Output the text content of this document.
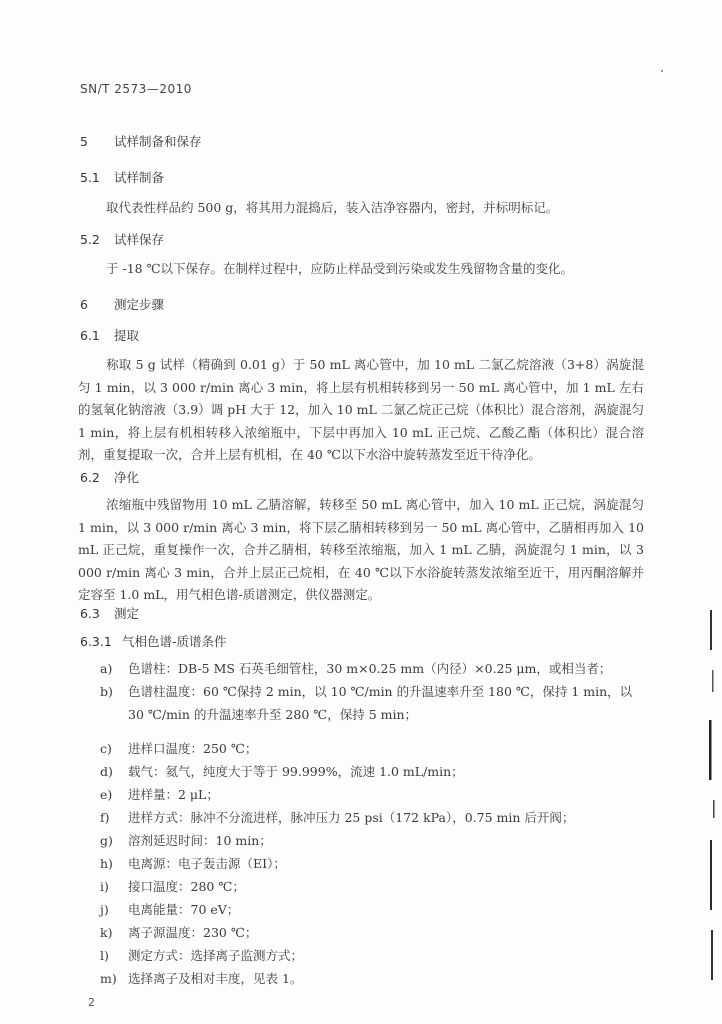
SN/T 2573—2010
5 试样制备和保存
5.1 试样制备
取代表性样品约 500 g，将其用力混捣后，装入洁净容器内，密封，并标明标记。
5.2 试样保存
于 -18 ℃以下保存。在制样过程中，应防止样品受到污染或发生残留物含量的变化。
6 测定步骤
6.1 提取
称取 5 g 试样（精确到 0.01 g）于 50 mL 离心管中，加 10 mL 二氯乙烷溶液（3+8）涡旋混匀 1 min，以 3 000 r/min 离心 3 min，将上层有机相转移到另一 50 mL 离心管中，加 1 mL 左右的氢氧化钠溶液（3.9）调 pH 大于 12，加入 10 mL 二氯乙烷正己烷（体积比）混合溶剂，涡旋混匀 1 min，将上层有机相转移入浓缩瓶中，下层中再加入 10 mL 正己烷、乙酸乙酯（体积比）混合溶剂，重复提取一次，合并上层有机相，在 40 ℃以下水浴中旋转蒸发至近干待净化。
6.2 净化
浓缩瓶中残留物用 10 mL 乙腈溶解，转移至 50 mL 离心管中，加入 10 mL 正己烷，涡旋混匀 1 min，以 3 000 r/min 离心 3 min，将下层乙腈相转移到另一 50 mL 离心管中，乙腈相再加入 10 mL 正己烷，重复操作一次，合并乙腈相，转移至浓缩瓶，加入 1 mL 乙腈，涡旋混匀 1 min，以 3 000 r/min 离心 3 min，合并上层正己烷相，在 40 ℃以下水浴旋转蒸发浓缩至近干，用丙酮溶解并定容至 1.0 mL，用气相色谱-质谱测定，供仪器测定。
6.3 测定
6.3.1 气相色谱-质谱条件
a)	色谱柱：DB-5 MS 石英毛细管柱，30 m×0.25 mm（内径）×0.25 μm，或相当者；
b)	色谱柱温度：60 ℃保持 2 min，以 10 ℃/min 的升温速率升至 180 ℃，保持 1 min，以 30 ℃/min 的升温速率升至 280 ℃，保持 5 min；
c)	进样口温度：250 ℃；
d)	载气：氦气，纯度大于等于 99.999%，流速 1.0 mL/min；
e)	进样量：2 μL；
f)	进样方式：脉冲不分流进样，脉冲压力 25 psi（172 kPa），0.75 min 后开阀；
g)	溶剂延迟时间：10 min；
h)	电离源：电子轰击源（EI）；
i)	接口温度：280 ℃；
j)	电离能量：70 eV；
k)	离子源温度：230 ℃；
l)	测定方式：选择离子监测方式；
m) 选择离子及相对丰度，见表 1。
2
